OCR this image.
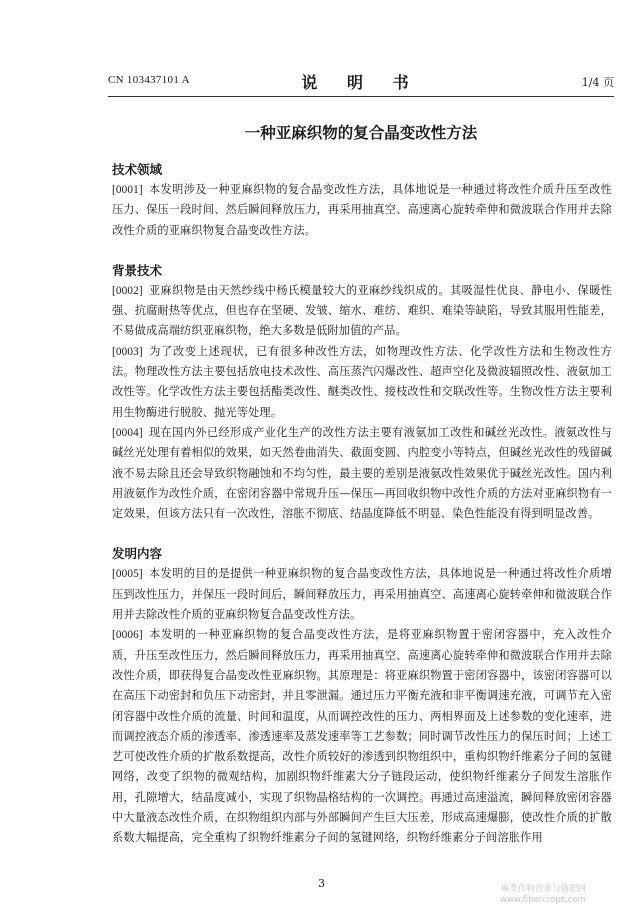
CN 103437101 A	说 明 书	1/4 页
一种亚麻织物的复合晶变改性方法

技术领域

[0001] 本发明涉及一种亚麻织物的复合晶变改性方法，具体地说是一种通过将改性介质升压至改性压力、保压一段时间、然后瞬间释放压力，再采用抽真空、高速离心旋转牵伸和微波联合作用并去除改性介质的亚麻织物复合晶变改性方法。

背景技术

[0002] 亚麻织物是由天然纱线中杨氏模量较大的亚麻纱线织成的。其吸湿性优良、静电小、保暖性强、抗腐耐热等优点，但也存在坚硬、发皱、缩水、难纺、难织、难染等缺陷，导致其服用性能差，不易做成高端纺织亚麻织物，绝大多数是低附加值的产品。

[0003] 为了改变上述现状，已有很多种改性方法，如物理改性方法、化学改性方法和生物改性方法。物理改性方法主要包括放电技术改性、高压蒸汽闪爆改性、超声空化及微波辐照改性、液氨加工改性等。化学改性方法主要包括酯类改性、醚类改性、接枝改性和交联改性等。生物改性方法主要利用生物酶进行脱胶、抛光等处理。

[0004] 现在国内外已经形成产业化生产的改性方法主要有液氨加工改性和碱丝光改性。液氨改性与碱丝光处理有着相似的效果，如天然卷曲消失、截面变圆、内腔变小等特点，但碱丝光改性的残留碱液不易去除且还会导致织物融蚀和不均匀性，最主要的差别是液氨改性效果优于碱丝光改性。国内利用液氨作为改性介质，在密闭容器中常规升压—保压—再回收织物中改性介质的方法对亚麻织物有一定效果，但该方法只有一次改性，溶胀不彻底、结晶度降低不明显、染色性能没有得到明显改善。

发明内容

[0005] 本发明的目的是提供一种亚麻织物的复合晶变改性方法，具体地说是一种通过将改性介质增压到改性压力，并保压一段时间后，瞬间释放压力，再采用抽真空、高速离心旋转牵伸和微波联合作用并去除改性介质的亚麻织物复合晶变改性方法。

[0006] 本发明的一种亚麻织物的复合晶变改性方法，是将亚麻织物置于密闭容器中，充入改性介质，升压至改性压力，然后瞬间释放压力，再采用抽真空、高速离心旋转牵伸和微波联合作用并去除改性介质，即获得复合晶变改性亚麻织物。其原理是：将亚麻织物置于密闭容器中，该密闭容器可以在高压下动密封和负压下动密封，并且零泄漏。通过压力平衡充液和非平衡调速充液，可调节充入密闭容器中改性介质的流量、时间和温度，从而调控改性的压力、两相界面及上述参数的变化速率，进而调控液态介质的渗透率、渗透速率及蒸发速率等工艺参数；同时调节改性压力的保压时间；上述工艺可使改性介质的扩散系数提高，改性介质较好的渗透到织物组织中，重构织物纤维素分子间的氢键网络，改变了织物的微观结构，加剧织物纤维素大分子链段运动，使织物纤维素分子间发生溶胀作用，孔隙增大，结晶度减小，实现了织物晶格结构的一次调控。再通过高速溢流，瞬间释放密闭容器中大量液态改性介质，在织物组织内部与外部瞬间产生巨大压差，形成高速爆膨，使改性介质的扩散系数大幅提高，完全重构了织物纤维素分子间的氢键网络，织物纤维素分子间溶胀作用

3	麻类作物营养与施肥网
www.fibercrops.com
